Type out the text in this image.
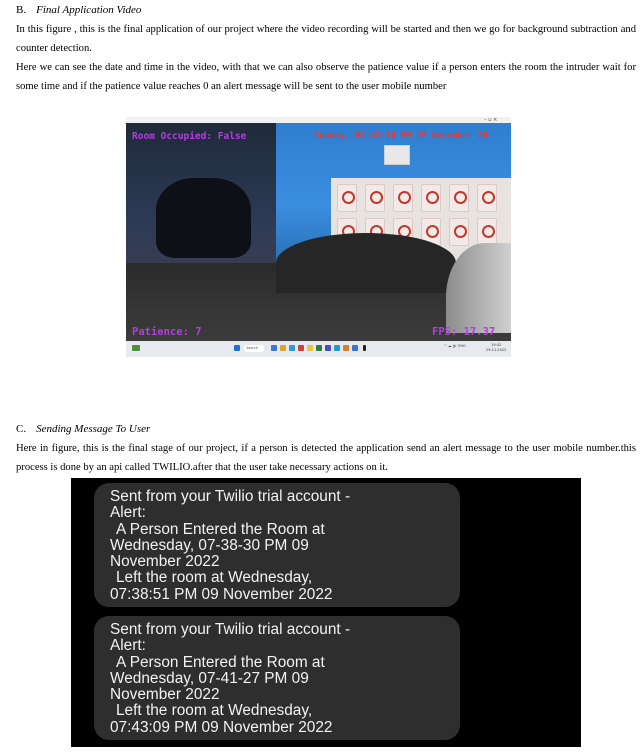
B. Final Application Video
In this figure , this is the final application of our project where the video recording will be started and then we go for background subtraction and counter detection.
Here we can see the date and time in the video, with that we can also observe the patience value if a person enters the room the intruder wait for some time and if the patience value reaches 0 an alert message will be sent to the user mobile number
– ▫ ×
Room Occupied: False	Sunday, 07:42:10 PM 29 November 20
Patience: 7	FPS: 17.37
Search	^ ☁ 🔊 ENG	19:42
29-11-2022
C. Sending Message To User
Here in figure, this is the final stage of our project, if a person is detected the application send an alert message to the user mobile number.this process is done by an api called TWILIO.after that the user take necessary actions on it.
Sent from your Twilio trial account -
Alert:
A Person Entered the Room at
Wednesday, 07-38-30 PM 09
November 2022
Left the room at Wednesday,
07:38:51 PM 09 November 2022
Sent from your Twilio trial account -
Alert:
A Person Entered the Room at
Wednesday, 07-41-27 PM 09
November 2022
Left the room at Wednesday,
07:43:09 PM 09 November 2022
